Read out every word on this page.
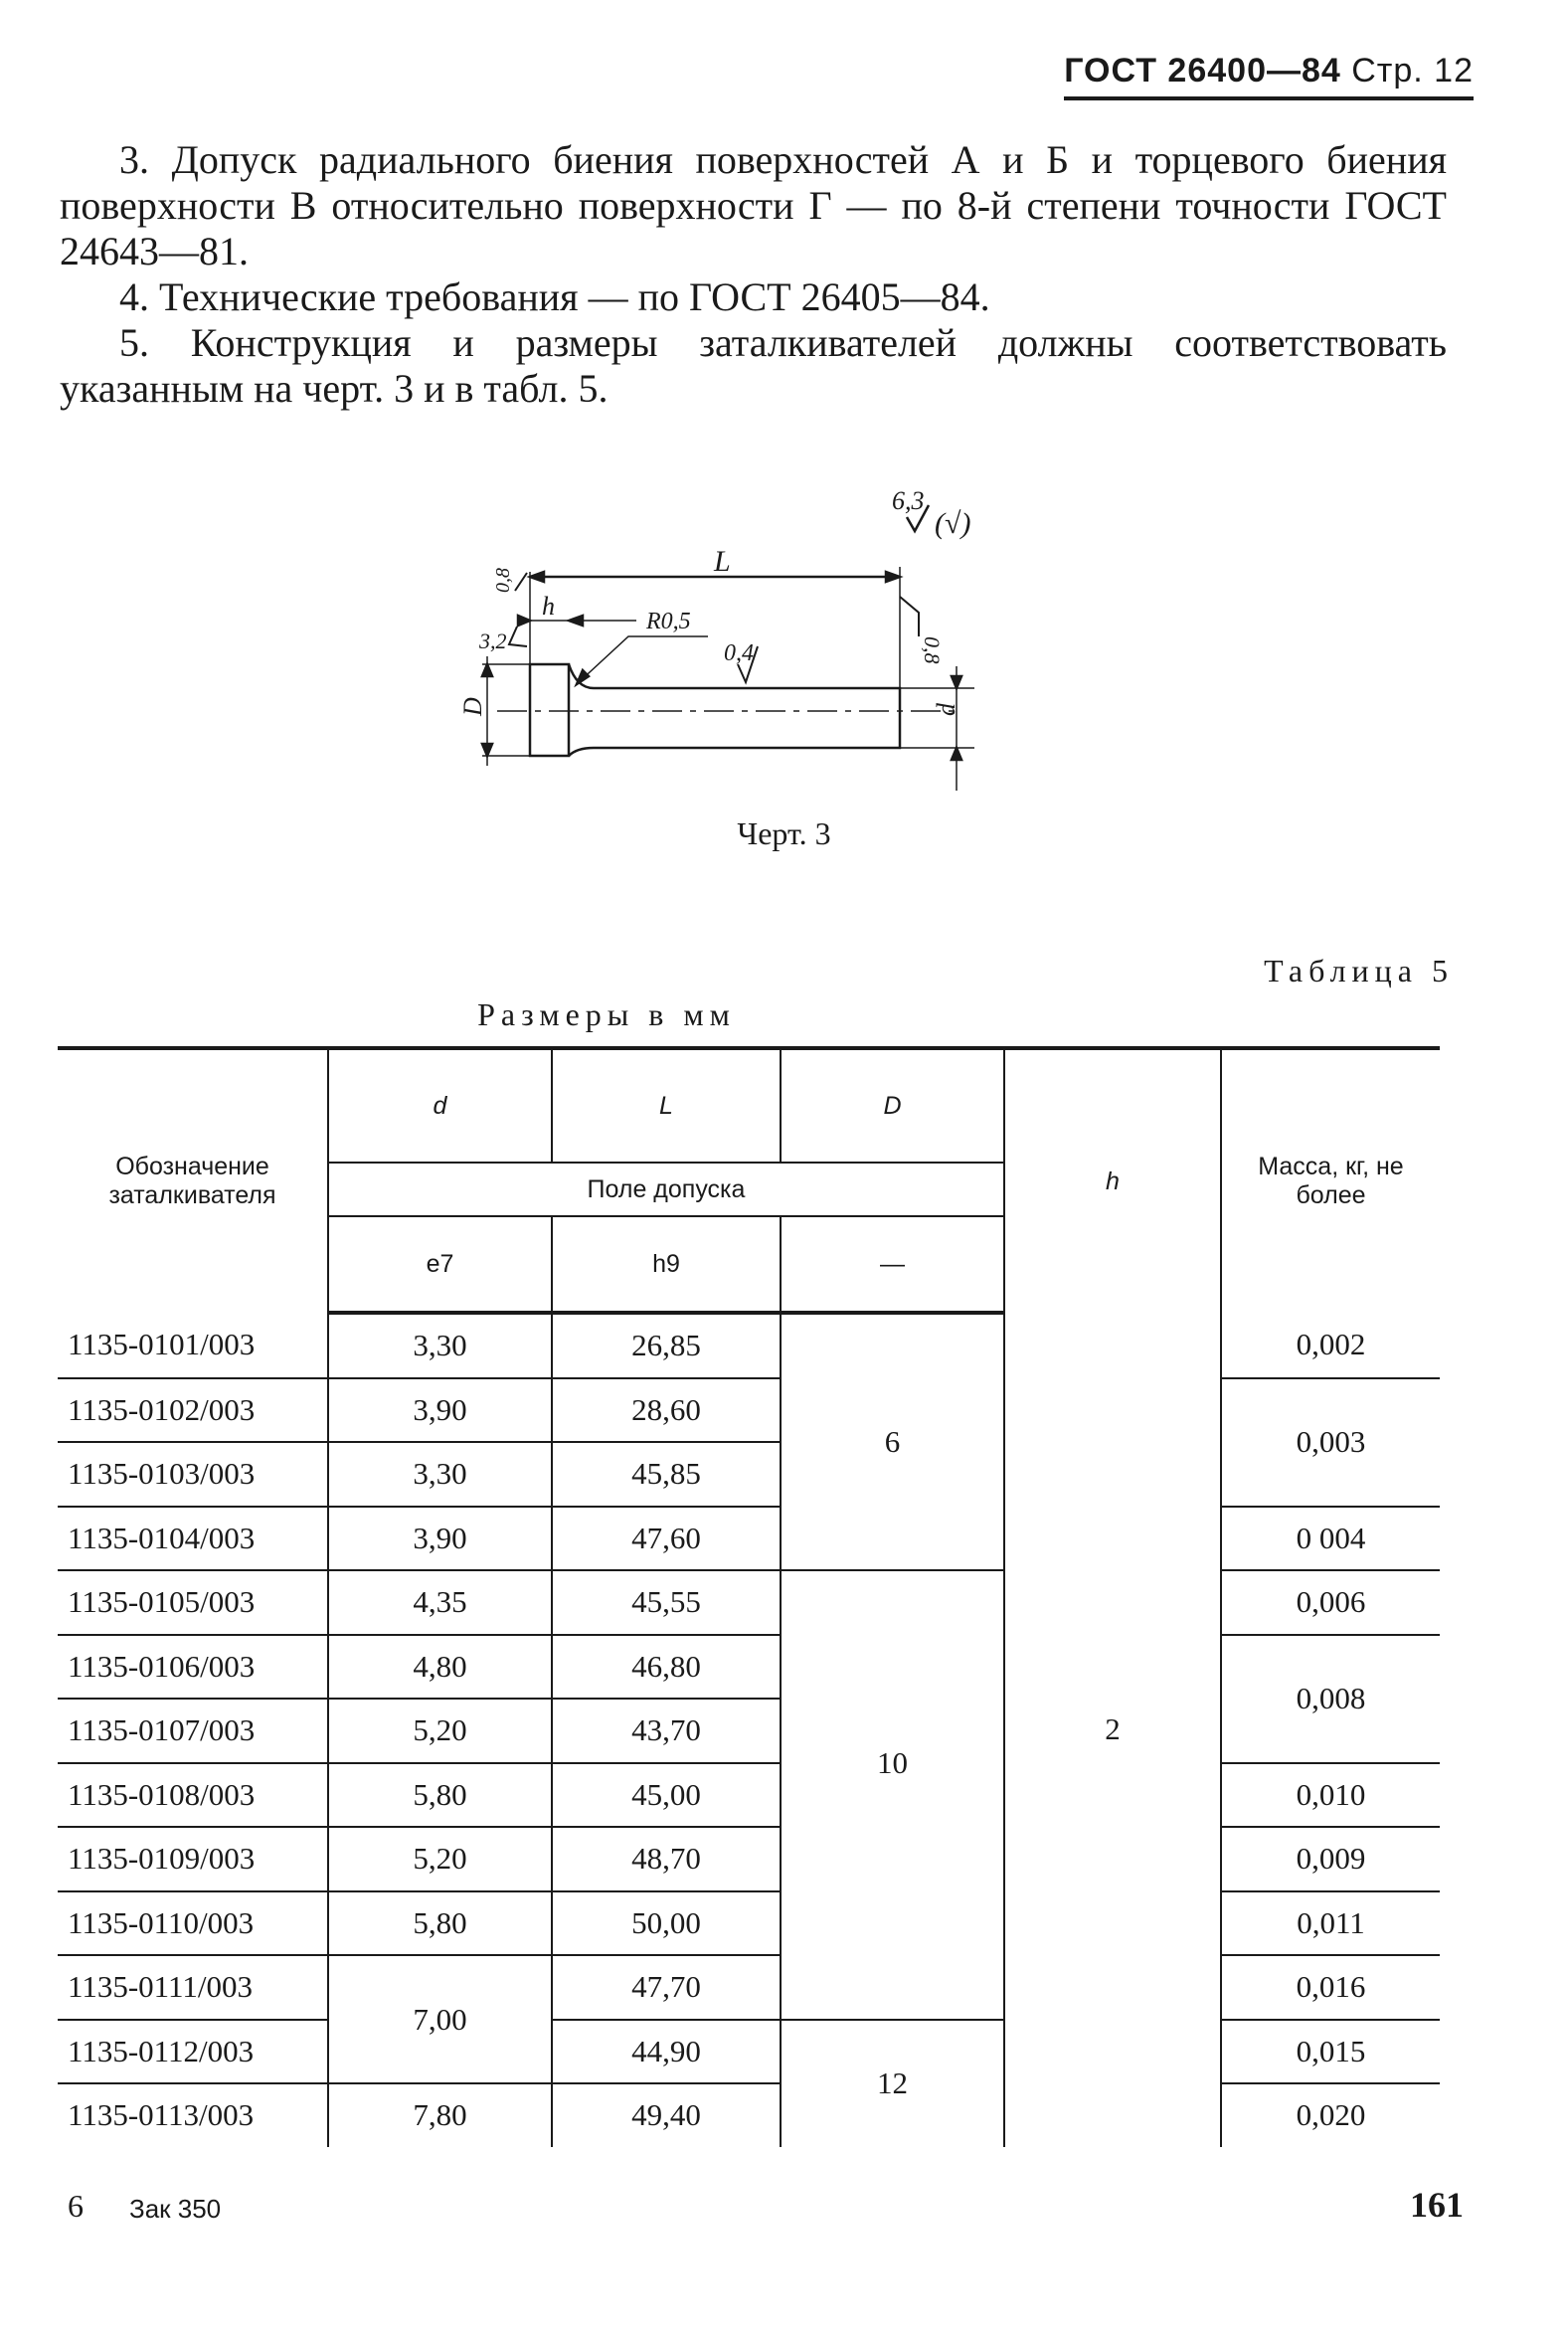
ГОСТ 26400—84 Стр. 12

3. Допуск радиального биения поверхностей А и Б и торцевого биения поверхности В относительно поверхности Г — по 8-й степени точности ГОСТ 24643—81.

4. Технические требования — по ГОСТ 26405—84.

5. Конструкция и размеры заталкивателей должны соответствовать указанным на черт. 3 и в табл. 5.

6,3
(√)
L
h
R0,5
0,4	0,8
0,8
3,2
D	d
Черт. 3
Таблица 5
Размеры в мм
Обозначение заталкивателя	d	L	D	h	Масса, кг, не более
	Поле допуска				
	e7	h9	—		
1135-0101/003	3,30	26,85	6	2	0,002
1135-0102/003	3,90	28,60			0,003
1135-0103/003	3,30	45,85			
1135-0104/003	3,90	47,60			0 004
1135-0105/003	4,35	45,55	10		0,006
1135-0106/003	4,80	46,80			0,008
1135-0107/003	5,20	43,70			
1135-0108/003	5,80	45,00			0,010
1135-0109/003	5,20	48,70			0,009
1135-0110/003	5,80	50,00			0,011
1135-0111/003	7,00	47,70			0,016
1135-0112/003		44,90	12		0,015
1135-0113/003	7,80	49,40			0,020
6 Зак 350	161
